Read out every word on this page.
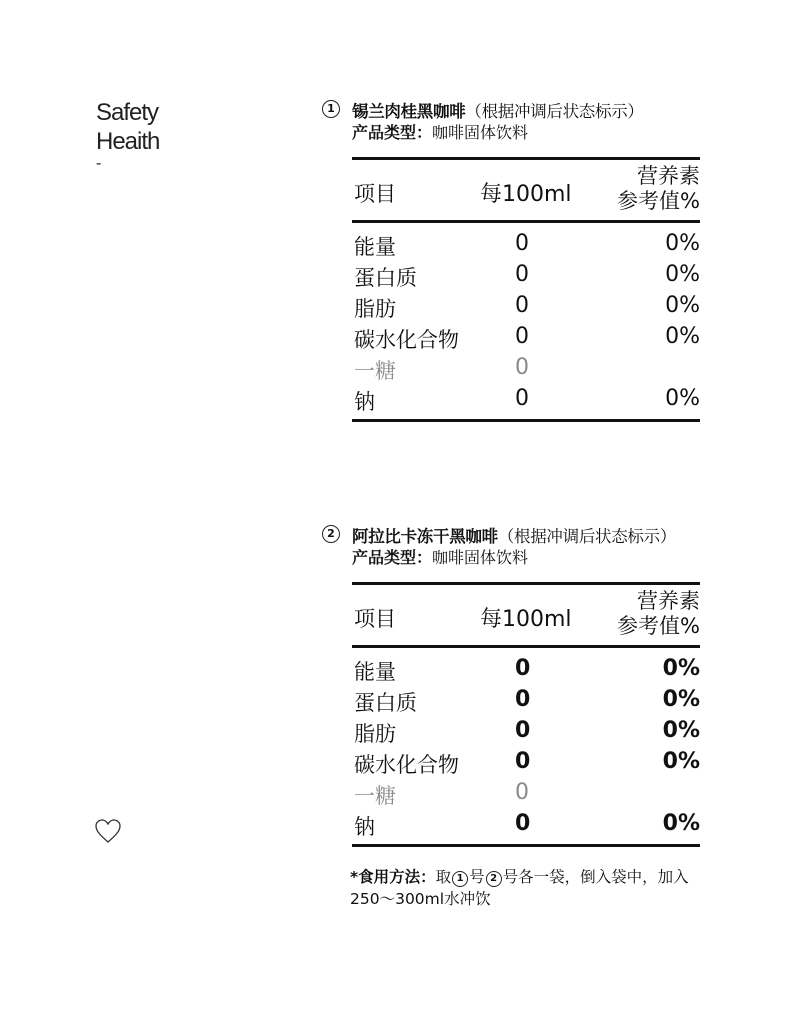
Safety
Heaith
-
1	锡兰肉桂黑咖啡（根据冲调后状态标示）
产品类型：咖啡固体饮料
项目	每100ml
营养素
参考值%
能量	0	0%
蛋白质	0	0%
脂肪	0	0%
碳水化合物	0	0%
一糖	0
钠	0	0%
2	阿拉比卡冻干黑咖啡（根据冲调后状态标示）
产品类型：咖啡固体饮料
项目	每100ml
营养素
参考值%
能量	0	0%
蛋白质	0	0%
脂肪	0	0%
碳水化合物	0	0%
一糖	0
钠	0	0%
*食用方法：取 1 号 2 号各一袋，倒入袋中，加入
250～300ml水冲饮
